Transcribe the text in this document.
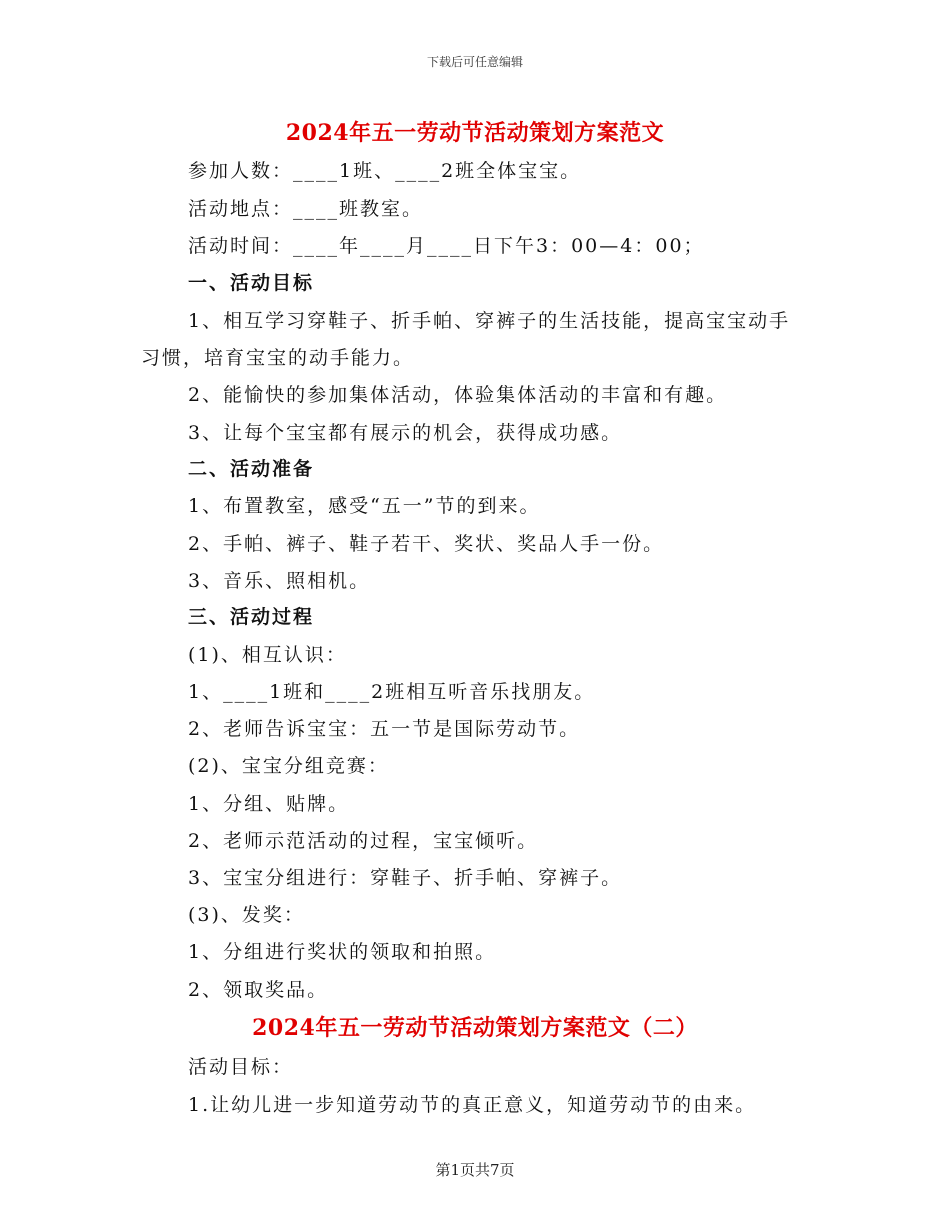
下载后可任意编辑
2024年五一劳动节活动策划方案范文
参加人数：____1班、____2班全体宝宝。
活动地点：____班教室。
活动时间：____年____月____日下午3：00—4：00；
一、活动目标
1、相互学习穿鞋子、折手帕、穿裤子的生活技能，提高宝宝动手
习惯，培育宝宝的动手能力。
2、能愉快的参加集体活动，体验集体活动的丰富和有趣。
3、让每个宝宝都有展示的机会，获得成功感。
二、活动准备
1、布置教室，感受“五一”节的到来。
2、手帕、裤子、鞋子若干、奖状、奖品人手一份。
3、音乐、照相机。
三、活动过程
(1)、相互认识：
1、____1班和____2班相互听音乐找朋友。
2、老师告诉宝宝：五一节是国际劳动节。
(2)、宝宝分组竞赛：
1、分组、贴牌。
2、老师示范活动的过程，宝宝倾听。
3、宝宝分组进行：穿鞋子、折手帕、穿裤子。
(3)、发奖：
1、分组进行奖状的领取和拍照。
2、领取奖品。
2024年五一劳动节活动策划方案范文（二）
活动目标：
1.让幼儿进一步知道劳动节的真正意义，知道劳动节的由来。
第1页共7页
